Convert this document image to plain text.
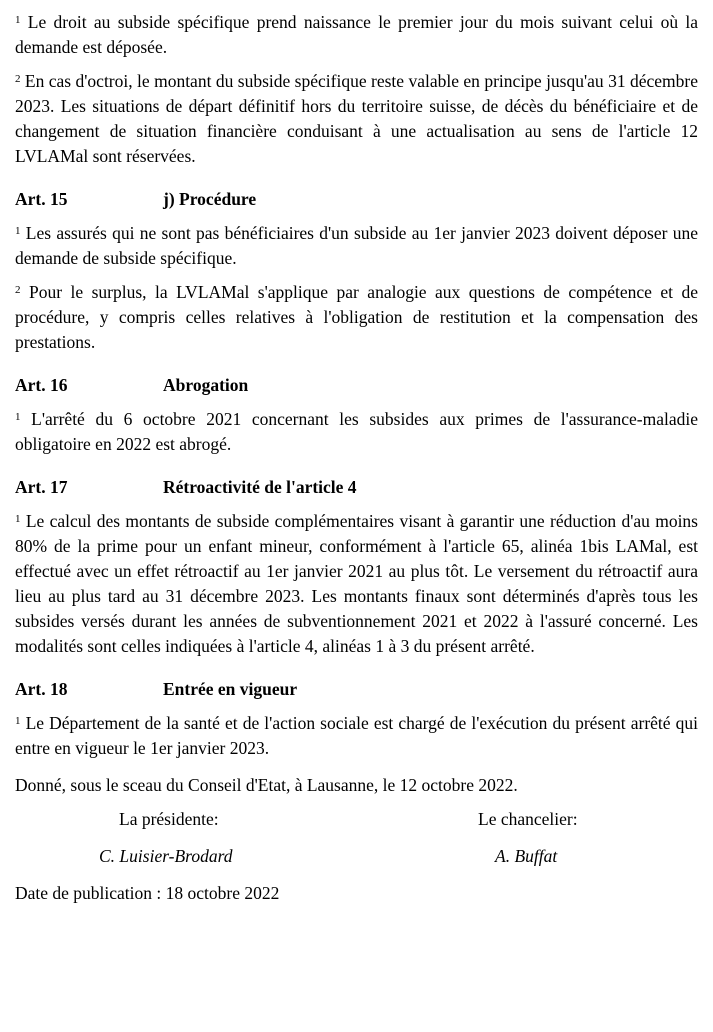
$^1$ Le droit au subside spécifique prend naissance le premier jour du mois suivant celui où la demande est déposée.

$^2$ En cas d'octroi, le montant du subside spécifique reste valable en principe jusqu'au 31 décembre 2023. Les situations de départ définitif hors du territoire suisse, de décès du bénéficiaire et de changement de situation financière conduisant à une actualisation au sens de l'article 12 LVLAMal sont réservées.

Art. 15	j) Procédure

$^1$ Les assurés qui ne sont pas bénéficiaires d'un subside au 1er janvier 2023 doivent déposer une demande de subside spécifique.

$^2$ Pour le surplus, la LVLAMal s'applique par analogie aux questions de compétence et de procédure, y compris celles relatives à l'obligation de restitution et la compensation des prestations.

Art. 16	Abrogation

$^1$ L'arrêté du 6 octobre 2021 concernant les subsides aux primes de l'assurance-maladie obligatoire en 2022 est abrogé.

Art. 17	Rétroactivité de l'article 4

$^1$ Le calcul des montants de subside complémentaires visant à garantir une réduction d'au moins 80% de la prime pour un enfant mineur, conformément à l'article 65, alinéa 1bis LAMal, est effectué avec un effet rétroactif au 1er janvier 2021 au plus tôt. Le versement du rétroactif aura lieu au plus tard au 31 décembre 2023. Les montants finaux sont déterminés d'après tous les subsides versés durant les années de subventionnement 2021 et 2022 à l'assuré concerné. Les modalités sont celles indiquées à l'article 4, alinéas 1 à 3 du présent arrêté.

Art. 18	Entrée en vigueur

$^1$ Le Département de la santé et de l'action sociale est chargé de l'exécution du présent arrêté qui entre en vigueur le 1er janvier 2023.

Donné, sous le sceau du Conseil d'Etat, à Lausanne, le 12 octobre 2022.

La présidente:	Le chancelier:
C. Luisier-Brodard	A. Buffat

Date de publication : 18 octobre 2022
